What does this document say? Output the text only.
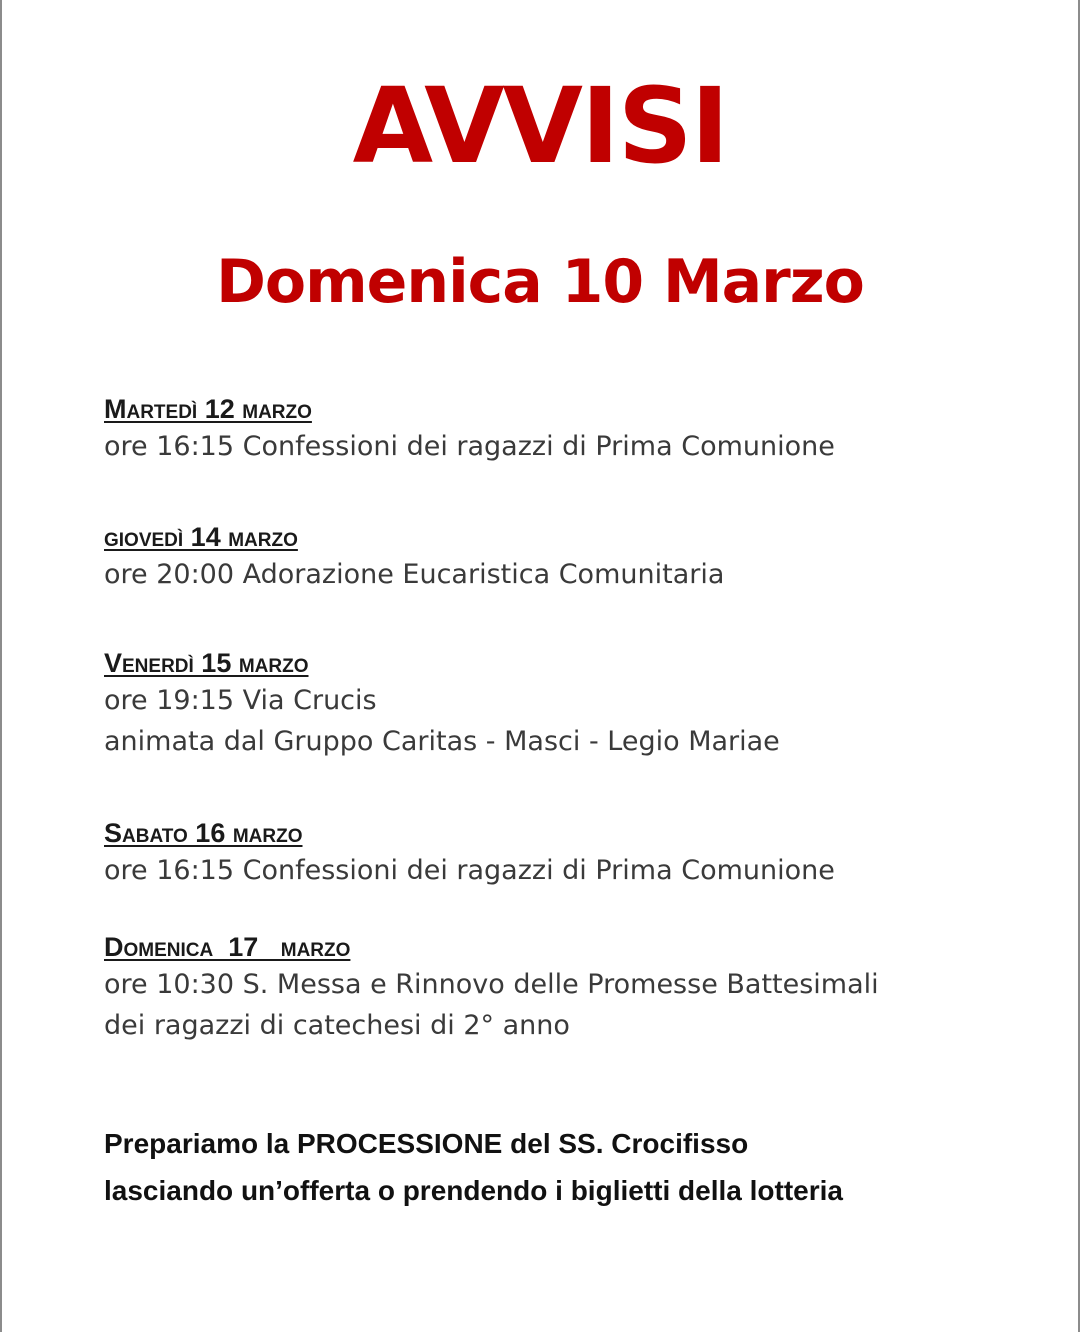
AVVISI
Domenica 10 Marzo
Martedì 12 marzo
ore 16:15 Confessioni dei ragazzi di Prima Comunione
giovedì 14 marzo
ore 20:00 Adorazione Eucaristica Comunitaria
Venerdì 15 marzo
ore 19:15 Via Crucis
animata dal Gruppo Caritas - Masci - Legio Mariae
Sabato 16 marzo
ore 16:15 Confessioni dei ragazzi di Prima Comunione
Domenica  17   marzo
ore 10:30 S. Messa e Rinnovo delle Promesse Battesimali
dei ragazzi di catechesi di 2° anno
Prepariamo la PROCESSIONE del SS. Crocifisso
lasciando un’offerta o prendendo i biglietti della lotteria
